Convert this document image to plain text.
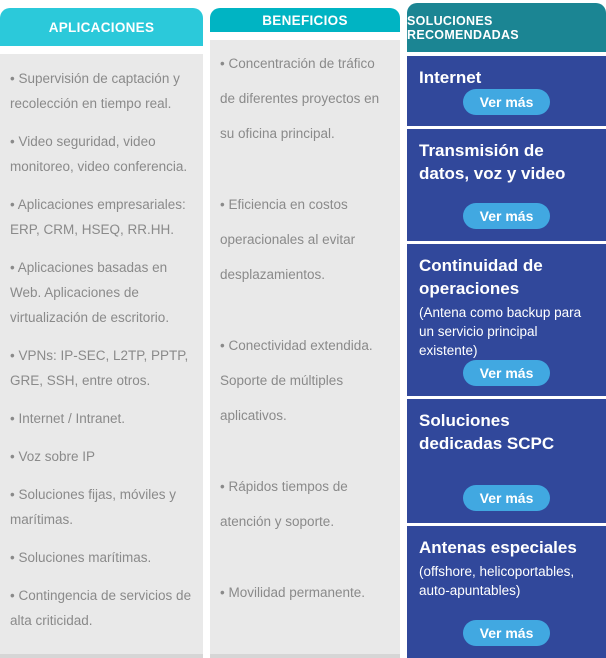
APLICACIONES

• Supervisión de captación y recolección en tiempo real.

• Video seguridad, video monitoreo, video conferencia.

• Aplicaciones empresariales: ERP, CRM, HSEQ, RR.HH.

• Aplicaciones basadas en Web. Aplicaciones de virtualización de escritorio.

• VPNs: IP-SEC, L2TP, PPTP, GRE, SSH, entre otros.

• Internet / Intranet.

• Voz sobre IP

• Soluciones fijas, móviles y marítimas.

• Soluciones marítimas.

• Contingencia de servicios de alta criticidad.

BENEFICIOS

• Concentración de tráfico de diferentes proyectos en su oficina principal.

• Eficiencia en costos operacionales al evitar desplazamientos.

• Conectividad extendida. Soporte de múltiples aplicativos.

• Rápidos tiempos de atención y soporte.

• Movilidad permanente.

SOLUCIONES RECOMENDADAS
Internet
Ver más
Transmisión de datos, voz y video
Ver más
Continuidad de operaciones
(Antena como backup para un servicio principal existente)
Ver más
Soluciones dedicadas SCPC
Ver más
Antenas especiales
(offshore, helicoportables, auto-apuntables)
Ver más
